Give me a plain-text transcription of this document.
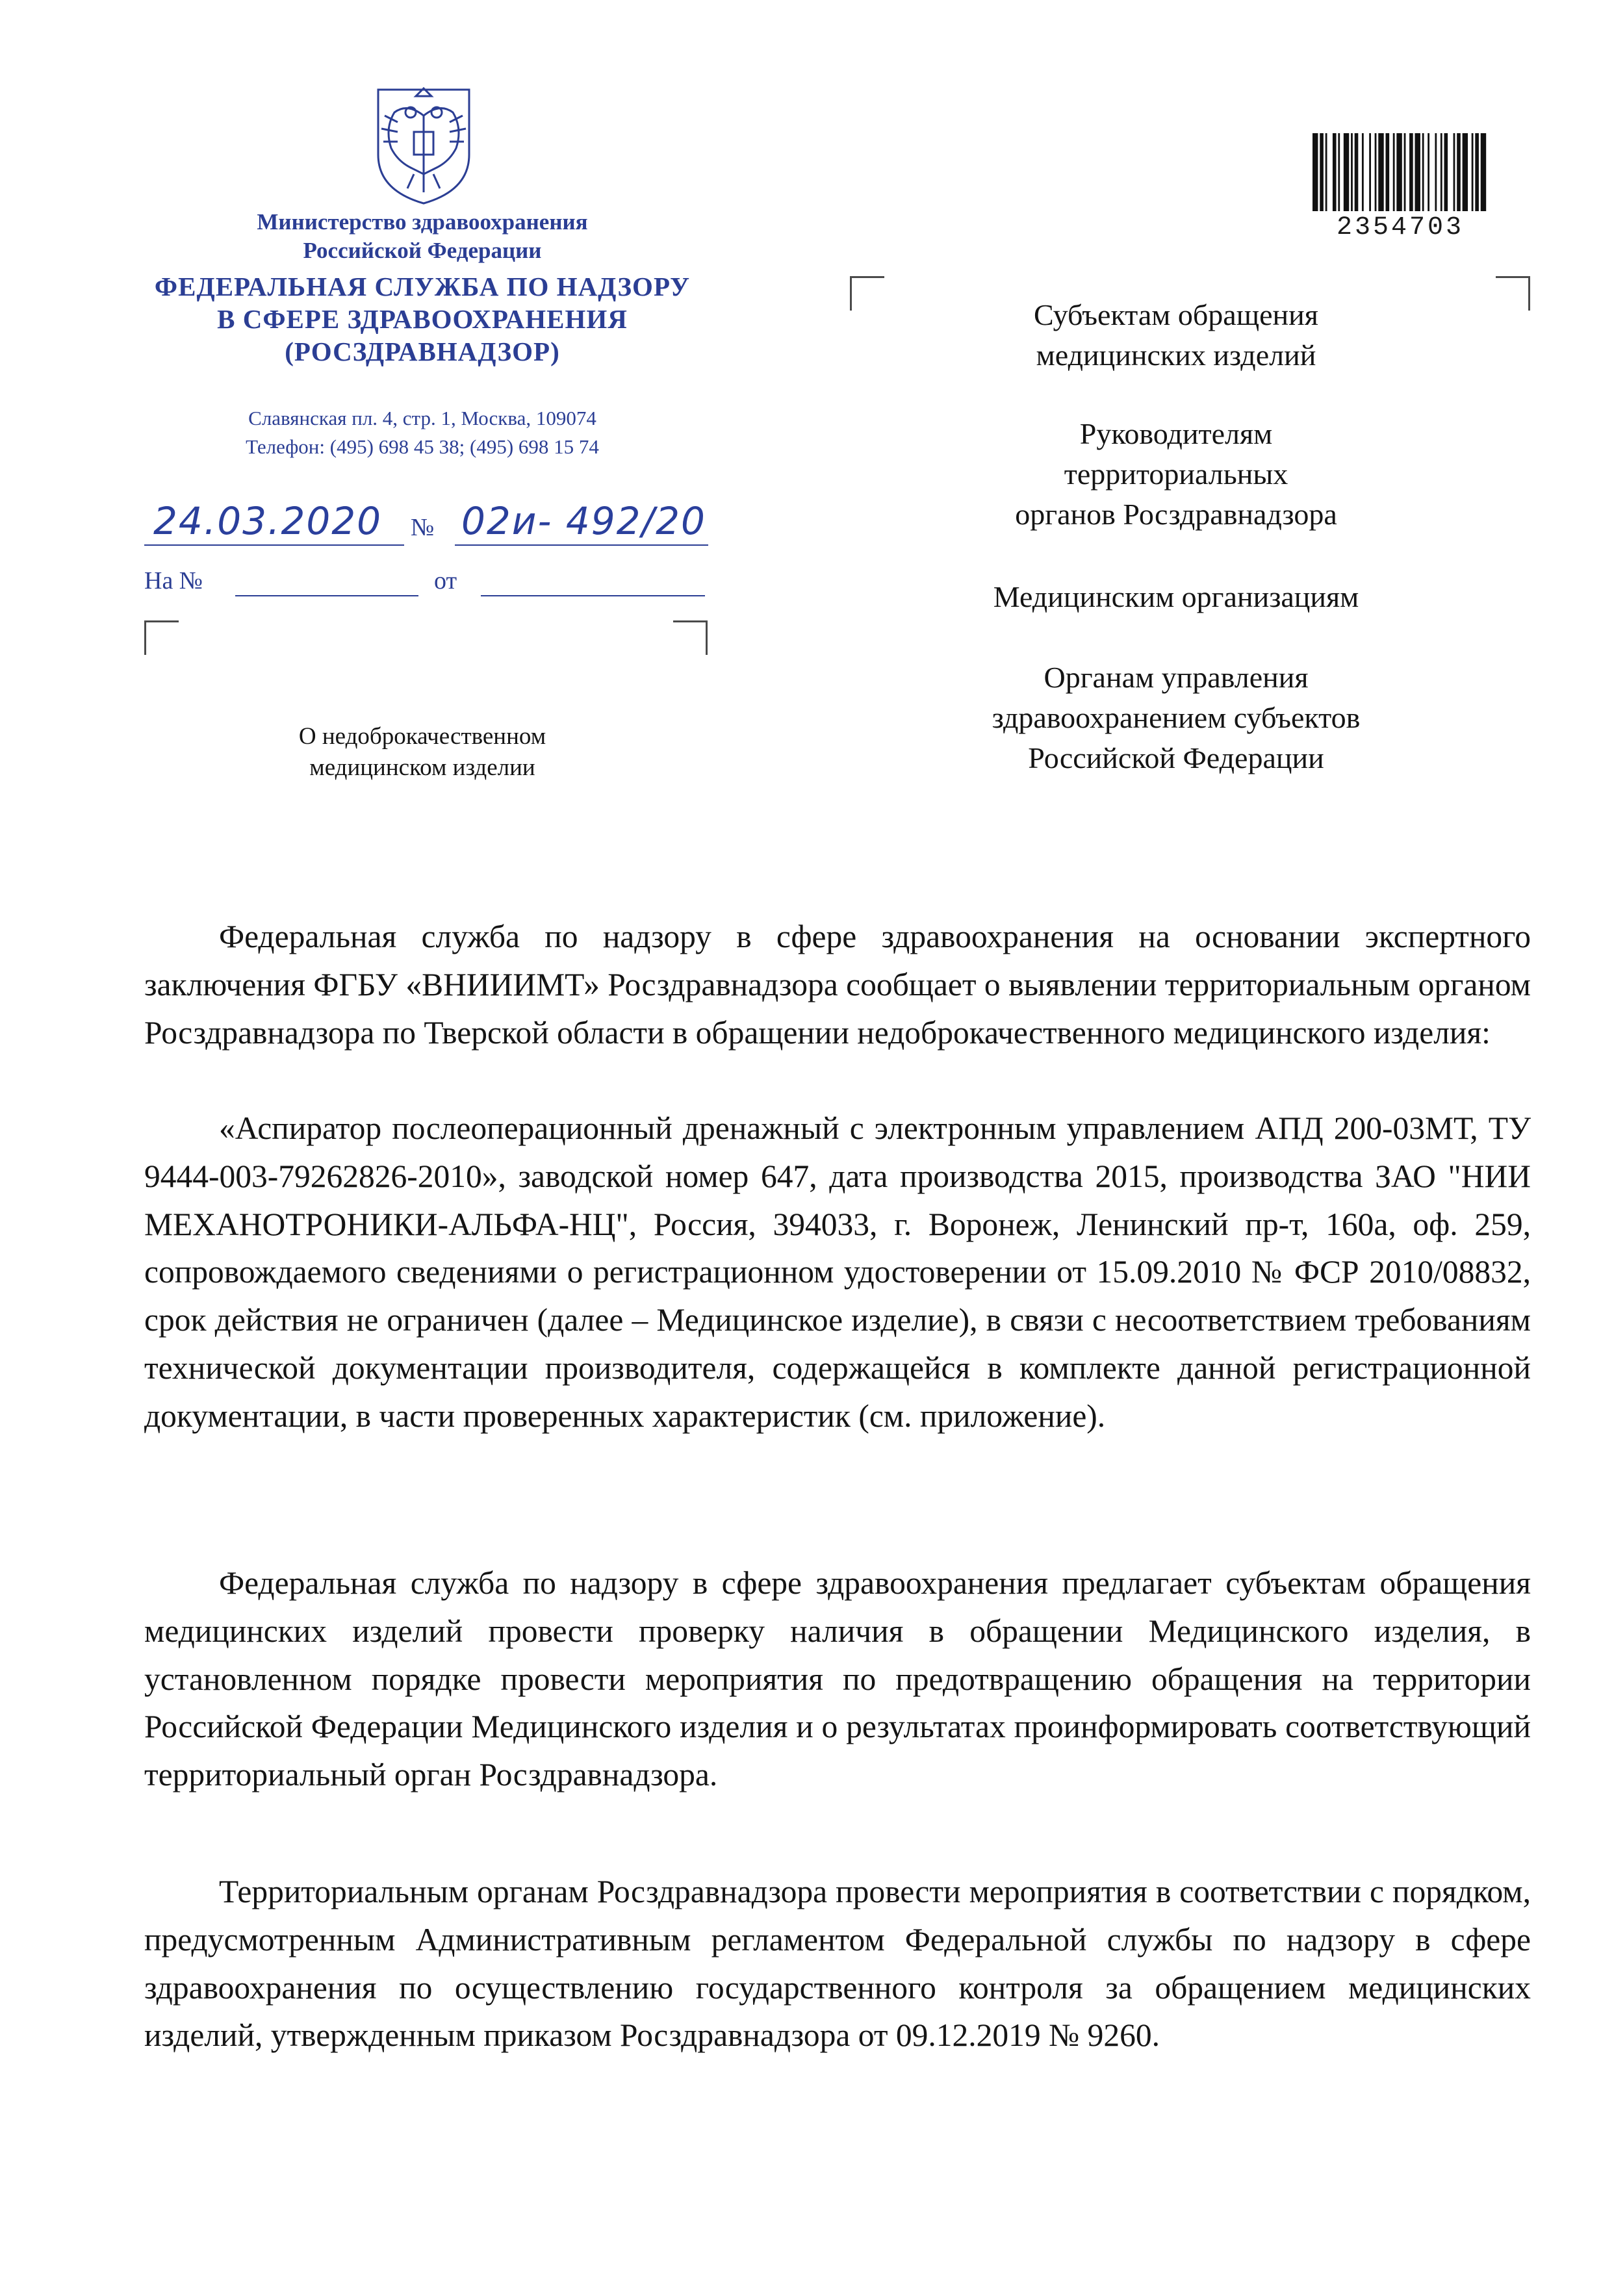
Министерство здравоохранения
Российской Федерации
ФЕДЕРАЛЬНАЯ СЛУЖБА ПО НАДЗОРУ
В СФЕРЕ ЗДРАВООХРАНЕНИЯ
(РОСЗДРАВНАДЗОР)
Славянская пл. 4, стр. 1, Москва, 109074
Телефон: (495) 698 45 38; (495) 698 15 74
24.03.2020 № 02и- 492/20
На №	от
2354703
Субъектам обращения
медицинских изделий
Руководителям
территориальных
органов Росздравнадзора
Медицинским организациям
Органам управления
здравоохранением субъектов
Российской Федерации
О недоброкачественном
медицинском изделии

Федеральная служба по надзору в сфере здравоохранения на основании экспертного заключения ФГБУ «ВНИИИМТ» Росздравнадзора сообщает о выявлении территориальным органом Росздравнадзора по Тверской области в обращении недоброкачественного медицинского изделия:

«Аспиратор послеоперационный дренажный с электронным управлением АПД 200-03МТ, ТУ 9444-003-79262826-2010», заводской номер 647, дата производства 2015, производства ЗАО "НИИ МЕХАНОТРОНИКИ-АЛЬФА-НЦ", Россия, 394033, г. Воронеж, Ленинский пр-т, 160а, оф. 259, сопровождаемого сведениями о регистрационном удостоверении от 15.09.2010 № ФСР 2010/08832, срок действия не ограничен (далее – Медицинское изделие), в связи с несоответствием требованиям технической документации производителя, содержащейся в комплекте данной регистрационной документации, в части проверенных характеристик (см. приложение).

Федеральная служба по надзору в сфере здравоохранения предлагает субъектам обращения медицинских изделий провести проверку наличия в обращении Медицинского изделия, в установленном порядке провести мероприятия по предотвращению обращения на территории Российской Федерации Медицинского изделия и о результатах проинформировать соответствующий территориальный орган Росздравнадзора.

Территориальным органам Росздравнадзора провести мероприятия в соответствии с порядком, предусмотренным Административным регламентом Федеральной службы по надзору в сфере здравоохранения по осуществлению государственного контроля за обращением медицинских изделий, утвержденным приказом Росздравнадзора от 09.12.2019 № 9260.
